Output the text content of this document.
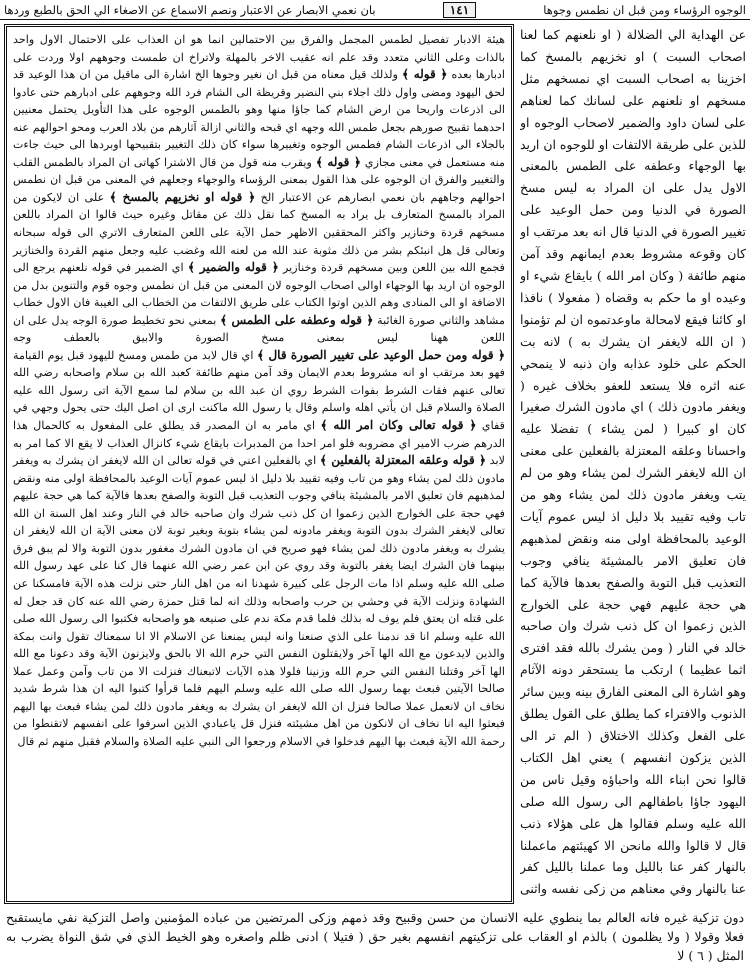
الوجوه الرؤساء ومن قبل ان نطمس وجوها
١٤١
بان نعمي الابصار عن الاعتبار ونصم الاسماع عن الاصغاء الي الحق بالطبع وردها

عن الهداية الي الضلالة ( او نلعنهم كما لعنا اصحاب السبت ) او نخزيهم بالمسخ كما اخزينا به اصحاب السبت اي نمسخهم مثل مسخهم او نلعنهم على لسانك كما لعناهم على لسان داود والضمير لاصحاب الوجوه او للذين على طريقة الالتفات او للوجوه ان اريد بها الوجهاء وعطفه على الطمس بالمعنى الاول يدل على ان المراد به ليس مسخ الصورة في الدنيا ومن حمل الوعيد على تغيير الصورة في الدنيا قال انه بعد مرتقب او كان وقوعه مشروط بعدم ايمانهم وقد آمن منهم طائفة ( وكان امر الله ) بايقاع شيء او وعيده او ما حكم به وقضاه ( مفعولا ) نافذا او كائنا فيقع لامحالة ماوعدتموه ان لم تؤمنوا ( ان الله لايغفر ان يشرك به ) لانه بت الحكم على خلود عذابه وان ذنبه لا ينمحي عنه اثره فلا يستعد للعفو بخلاف غيره ( ويغفر مادون ذلك ) اي مادون الشرك صغيرا كان او كبيرا ( لمن يشاء ) تفضلا عليه واحسانا وعلقه المعتزلة بالفعلين على معنى ان الله لايغفر الشرك لمن يشاء وهو من لم يتب ويغفر مادون ذلك لمن يشاء وهو من تاب وفيه تقييد بلا دليل اذ ليس عموم آيات الوعيد بالمحافظة اولى منه ونقض لمذهبهم فان تعليق الامر بالمشيئة ينافي وجوب التعذيب قبل التوبة والصفح بعدها فالآية كما هي حجة عليهم فهي حجة على الخوارج الذين زعموا ان كل ذنب شرك وان صاحبه خالد في النار ( ومن يشرك بالله فقد افترى اثما عظيما ) ارتكب ما يستحقر دونه الآثام وهو اشارة الى المعنى الفارق بينه وبين سائر الذنوب والافتراء كما يطلق على القول يطلق على الفعل وكذلك الاختلاق ( الم تر الى الذين يزكون انفسهم ) يعني اهل الكتاب قالوا نحن ابناء الله واحباؤه وقيل ناس من اليهود جاؤا باطفالهم الى رسول الله صلى الله عليه وسلم فقالوا هل على هؤلاء ذنب قال لا قالوا والله مانحن الا كهيئتهم ماعملنا بالنهار كفر عنا بالليل وما عملنا بالليل كفر عنا بالنهار وفي معناهم من زكى نفسه واثنى

هيئة الادبار تفصيل لطمس المجمل والفرق بين الاحتمالين انما هو ان العذاب على الاحتمال الاول واحد بالذات وعلى الثاني متعدد وقد علم انه عقيب الاخر بالمهلة ولاتراخ ان طمست وجوههم اولا وردت على ادبارها بعده ﴿ قوله ﴾ ولذلك قيل معناه من قبل ان نغير وجوها الخ اشارة الى ماقيل من ان هذا الوعيد قد لحق اليهود ومضى واول ذلك اجلاء بني النضير وقريظة الى الشام فرد الله وجوههم على ادبارهم حتى عادوا الى اذرعات واريحا من ارض الشام كما جاؤا منها وهو بالطمس الوجوه على هذا التأويل يحتمل معنيين احدهما تقبيح صورهم بجعل طمس الله وجهه اي قبحه والثاني ازالة آثارهم من بلاد العرب ومحو احوالهم عنه بالجلاء الى اذرعات الشام فطمس الوجوه وتغييرها سواء كان ذلك التغيير بتقبيحها اوبردها الى حيث جاءت منه مستعمل في معنى مجازي ﴿ قوله ﴾ ويقرب منه قول من قال الاشترا كهاتى ان المراد بالطمس القلب والتغيير والفرق ان الوجوه على هذا القول بمعنى الرؤساء والوجهاء وجعلهم في المعنى من قبل ان نطمس احوالهم وجاههم بان نعمي ابصارهم عن الاعتبار الخ ﴿ قوله او نخزيهم بالمسخ ﴾ على ان لايكون من المراد بالمسخ المتعارف بل يراد به المسخ كما نقل ذلك عن مقاتل وغيره حيث قالوا ان المراد باللعن مسخهم قردة وخنازير واكثر المحققين الاظهر حمل الآية على اللعن المتعارف الاتري الى قوله سبحانه وتعالى قل هل انبئكم بشر من ذلك مثوبة عند الله من لعنه الله وغضب عليه وجعل منهم القردة والخنازير فجمع الله بين اللعن وبين مسخهم قردة وخنازير ﴿ قوله والضمير ﴾ اي الضمير في قوله نلعنهم يرجع الى الوجوه ان اريد بها الوجهاء اوالى اصحاب الوجوه لان المعنى من قبل ان نطمس وجوه قوم والتنوين بدل من الاضافة او الى المنادى وهم الذين اوتوا الكتاب على طريق الالتفات من الخطاب الى الغيبة فان الاول خطاب مشاهد والثاني صورة الغائبة ﴿ قوله وعطفه على الطمس ﴾ بمعني نحو تخطيط صورة الوجه يدل على ان اللعن ههنا ليس بمعنى مسخ الصورة والابيق بالعطف وجه ﴿ قوله ومن حمل الوعيد على تغيير الصورة قال ﴾ اي قال لابد من طمس ومسخ لليهود قبل يوم القيامة فهو بعد مرتقب او انه مشروط بعدم الايمان وقد آمن منهم طائفة كعبد الله بن سلام واصحابه رضي الله تعالى عنهم فقات الشرط بفوات الشرط روي ان عبد الله بن سلام لما سمع الآية اتى رسول الله عليه الصلاة والسلام قبل ان يأتي اهله واسلم وقال يا رسول الله ماكنت ارى ان اصل اليك حتى يحول وجهي في قفاي ﴿ قوله تعالى وكان امر الله ﴾ اي مامر به ان المصدر قد يطلق على المفعول به كالحمال هذا الدرهم ضرب الامير اي مضروبه فلو امر احدا من المدبرات بايقاع شيء كانزال العذاب لا يقع الا كما امر به لابد ﴿ قوله وعلقه المعتزلة بالفعلين ﴾ اي بالفعلين اعني في قوله تعالى ان الله لايغفر ان يشرك به ويغفر مادون ذلك لمن يشاء وهو من تاب وفيه تقييد بلا دليل اذ ليس عموم آيات الوعيد بالمحافظة اولى منه ونقض لمذهبهم فان تعليق الامر بالمشيئة ينافي وجوب التعذيب قبل التوبة والصفح بعدها فالآية كما هي حجة عليهم فهي حجة على الخوارج الذين زعموا ان كل ذنب شرك وان صاحبه خالد في النار وعند اهل السنة ان الله تعالى لايغفر الشرك بدون التوبة ويغفر مادونه لمن يشاء بتوبة وبغير توبة لان معنى الآية ان الله لايغفر ان يشرك به ويغفر مادون ذلك لمن يشاء فهو صريح في ان مادون الشرك مغفور بدون التوبة والا لم يبق فرق بينهما فان الشرك ايضا يغفر بالتوبة وقد روي عن ابن عمر رضي الله عنهما قال كنا على عهد رسول الله صلى الله عليه وسلم اذا مات الرجل على كبيرة شهدنا انه من اهل النار حتى نزلت هذه الآية فامسكنا عن الشهادة ونزلت الآية في وحشي بن حرب واصحابه وذلك انه لما قتل حمزة رضي الله عنه كان قد جعل له على قتله ان يعتق فلم يوف له بذلك فلما قدم مكة ندم على صنيعه هو واصحابه فكتبوا الى رسول الله صلى الله عليه وسلم انا قد ندمنا على الذي صنعنا وانه ليس يمنعنا عن الاسلام الا انا سمعناك تقول وانت بمكة والذين لايدعون مع الله الها آخر ولايقتلون النفس التي حرم الله الا بالحق ولايزنون الآية وقد دعونا مع الله الها آخر وقتلنا النفس التي حرم الله وزنينا فلولا هذه الآيات لاتبعناك فنزلت الا من تاب وآمن وعمل عملا صالحا الآيتين فبعث بهما رسول الله صلى الله عليه وسلم اليهم فلما قرأوا كتبوا اليه ان هذا شرط شديد نخاف ان لانعمل عملا صالحا فنزل ان الله لايغفر ان يشرك به ويغفر مادون ذلك لمن يشاء فبعث بها اليهم فبعثوا اليه انا نخاف ان لانكون من اهل مشيئته فنزل قل ياعبادي الذين اسرفوا على انفسهم لاتقنطوا من رحمة الله الآية فبعث بها اليهم فدخلوا في الاسلام ورجعوا الى النبي عليه الصلاة والسلام فقبل منهم ثم قال

دون تزكية غيره فانه العالم بما ينطوي عليه الانسان من حسن وقبيح وقد ذمهم وزكى المرتضين من عباده المؤمنين واصل التزكية نفي مايستقبح فعلا وقولا ( ولا يظلمون ) بالذم او العقاب على تزكيتهم انفسهم بغير حق ( فتيلا ) ادنى ظلم واصغره وهو الخيط الذي في شق النواة يضرب به المثل ( ٦ ) لا
